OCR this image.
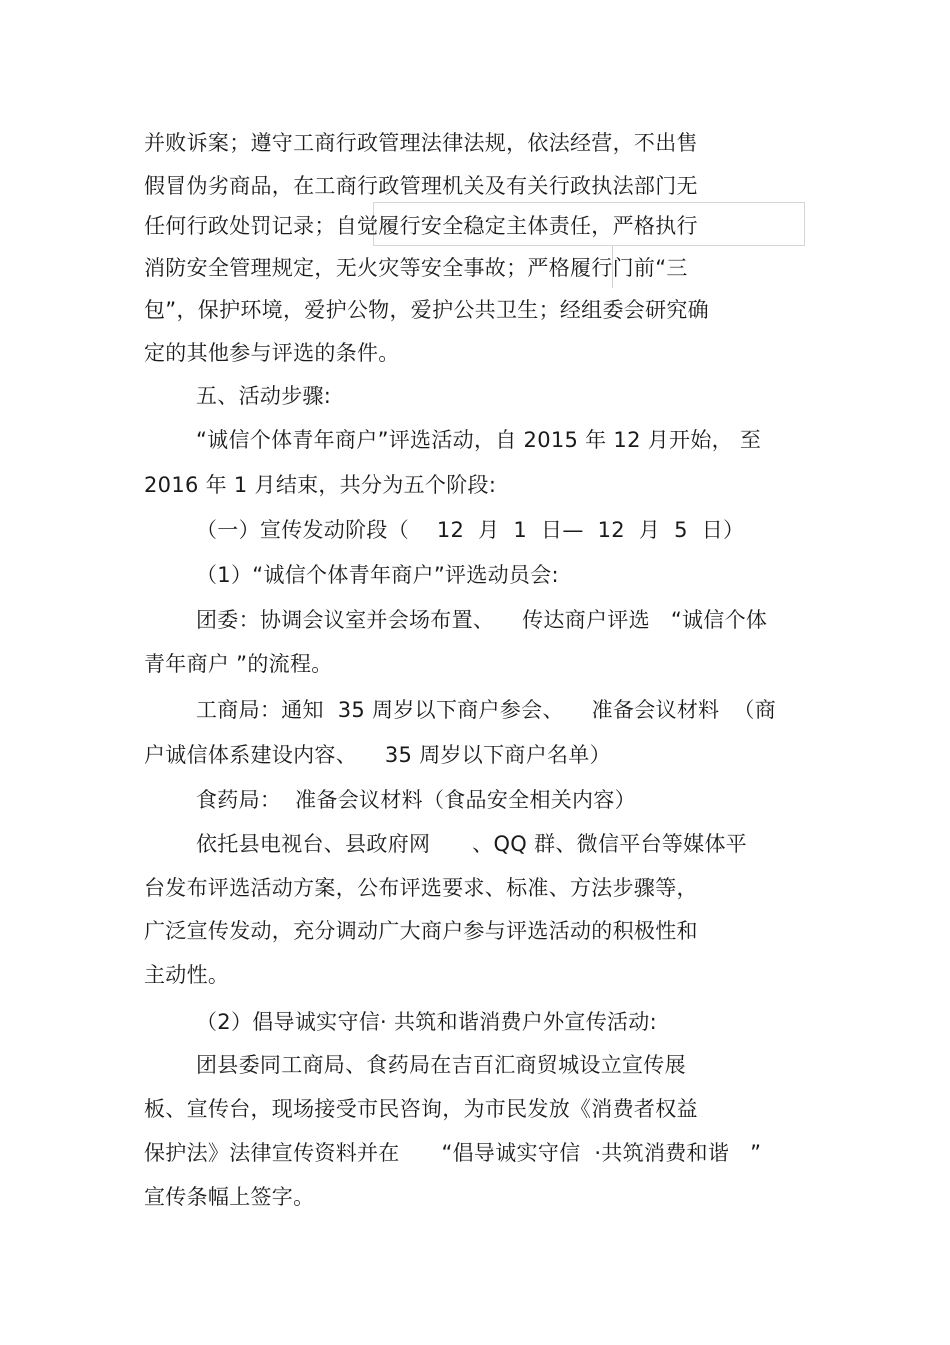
并败诉案；遵守工商行政管理法律法规，依法经营，不出售
假冒伪劣商品，在工商行政管理机关及有关行政执法部门无
任何行政处罚记录；自觉履行安全稳定主体责任，严格执行
消防安全管理规定，无火灾等安全事故；严格履行门前“三
包”，保护环境，爱护公物，爱护公共卫生；经组委会研究确
定的其他参与评选的条件。
五、活动步骤:
“诚信个体青年商户”评选活动，自 2015 年 12 月开始， 至
2016 年 1 月结束，共分为五个阶段:
（一）宣传发动阶段（    12  月  1  日—  12  月  5  日）
（1）“诚信个体青年商户”评选动员会:
团委：协调会议室并会场布置、    传达商户评选   “诚信个体
青年商户 ”的流程。
工商局：通知  35 周岁以下商户参会、    准备会议材料  （商
户诚信体系建设内容、    35 周岁以下商户名单）
食药局：  准备会议材料（食品安全相关内容）
依托县电视台、县政府网      、QQ 群、微信平台等媒体平
台发布评选活动方案，公布评选要求、标准、方法步骤等，
广泛宣传发动，充分调动广大商户参与评选活动的积极性和
主动性。
（2）倡导诚实守信· 共筑和谐消费户外宣传活动:
团县委同工商局、食药局在吉百汇商贸城设立宣传展
板、宣传台，现场接受市民咨询，为市民发放《消费者权益
保护法》法律宣传资料并在      “倡导诚实守信  ·共筑消费和谐   ”
宣传条幅上签字。
